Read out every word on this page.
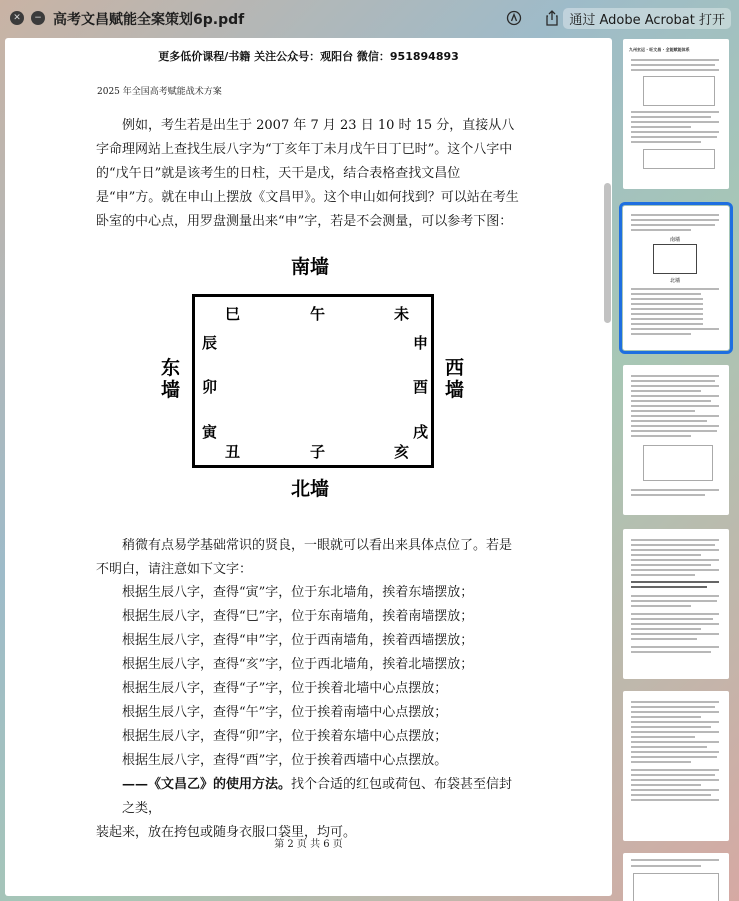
✕	− 高考文昌赋能全案策划6p.pdf	通过 Adobe Acrobat 打开
更多低价课程/书籍 关注公众号：观阳台 微信：951894893
2025 年全国高考赋能战术方案
例如，考生若是出生于 2007 年 7 月 23 日 10 时 15 分，直接从八字命理网站上查找生辰八字为“丁亥年丁未月戊午日丁巳时”。这个八字中的“戊午日”就是该考生的日柱，天干是戊，结合表格查找文昌位是“申”方。就在申山上摆放《文昌甲》。这个申山如何找到？可以站在考生卧室的中心点，用罗盘测量出来“申”字，若是不会测量，可以参考下图：
南墙
北墙
东墙
西墙
巳	午	未
辰
卯
寅
申
酉
戌
丑	子	亥
稍微有点易学基础常识的贤良，一眼就可以看出来具体点位了。若是不明白，请注意如下文字：
根据生辰八字，查得“寅”字，位于东北墙角，挨着东墙摆放；
根据生辰八字，查得“巳”字，位于东南墙角，挨着南墙摆放；
根据生辰八字，查得“申”字，位于西南墙角，挨着西墙摆放；
根据生辰八字，查得“亥”字，位于西北墙角，挨着北墙摆放；
根据生辰八字，查得“子”字，位于挨着北墙中心点摆放；
根据生辰八字，查得“午”字，位于挨着南墙中心点摆放；
根据生辰八字，查得“卯”字，位于挨着东墙中心点摆放；
根据生辰八字，查得“酉”字，位于挨着西墙中心点摆放。
——《文昌乙》的使用方法。找个合适的红包或荷包、布袋甚至信封之类，
装起来，放在挎包或随身衣服口袋里，均可。
第 2 页 共 6 页
九州玄运 · 旺文昌 · 全能赋能体系
南墙
北墙
